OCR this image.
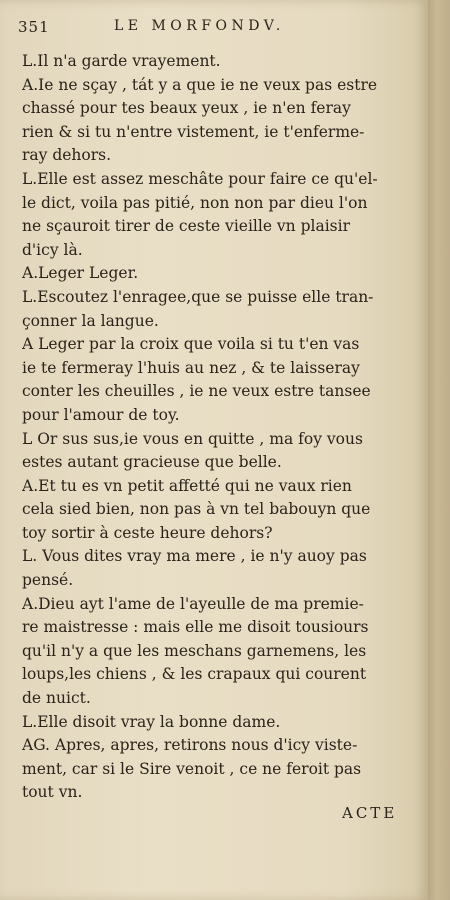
351	LE MORFONDV.
L.Il n'a garde vrayement.
A.Ie ne sçay , tát y a que ie ne veux pas estre
chassé pour tes beaux yeux , ie n'en feray
rien & si tu n'entre vistement, ie t'enfermе-
ray dehors.
L.Elle est assez meschâte pour faire ce qu'el-
le dict, voila pas pitié, non non par dieu l'on
ne sçauroit tirer de ceste vieille vn plaisir
d'icy là.
A.Leger Leger.
L.Escoutez l'enragee,que se puisse elle tran-
çonner la langue.
A Leger par la croix que voila si tu t'en vas
ie te fermeray l'huis au nez , & te laisseray
conter les cheuilles , ie ne veux estre tansee
pour l'amour de toy.
L Or sus sus,ie vous en quitte , ma foy vous
estes autant gracieuse que belle.
A.Et tu es vn petit affetté qui ne vaux rien
cela sied bien, non pas à vn tel babouyn que
toy sortir à ceste heure dehors?
L. Vous dites vray ma mere , ie n'y auoy pas
pensé.
A.Dieu ayt l'ame de l'ayeulle de ma premie-
re maistresse : mais elle me disoit tousiours
qu'il n'y a que les meschans garnemens, les
loups,les chiens , & les crapaux qui courent
de nuict.
L.Elle disoit vray la bonne dame.
AG. Apres, apres, retirons nous d'icy viste-
ment, car si le Sire venoit , ce ne feroit pas
tout vn.
ACTE
